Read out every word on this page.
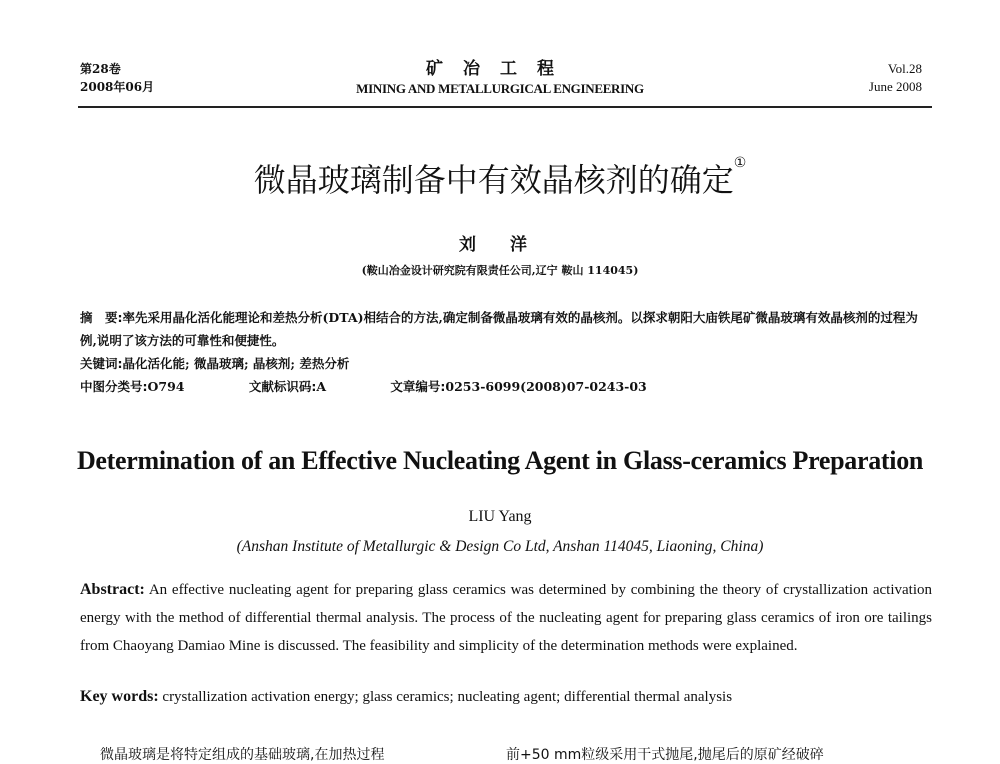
第28卷
2008年06月
矿冶工程
MINING AND METALLURGICAL ENGINEERING
Vol.28
June 2008
微晶玻璃制备中有效晶核剂的确定①
刘 洋
(鞍山冶金设计研究院有限责任公司,辽宁 鞍山 114045)
摘　要:率先采用晶化活化能理论和差热分析(DTA)相结合的方法,确定制备微晶玻璃有效的晶核剂。以探求朝阳大庙铁尾矿微晶玻璃有效晶核剂的过程为例,说明了该方法的可靠性和便捷性。
关键词:晶化活化能; 微晶玻璃; 晶核剂; 差热分析
中图分类号:O794	文献标识码:A	文章编号:0253-6099(2008)07-0243-03
Determination of an Effective Nucleating Agent in Glass-ceramics Preparation
LIU Yang
(Anshan Institute of Metallurgic & Design Co Ltd, Anshan 114045, Liaoning, China)
Abstract: An effective nucleating agent for preparing glass ceramics was determined by combining the theory of crystallization activation energy with the method of differential thermal analysis. The process of the nucleating agent for preparing glass ceramics of iron ore tailings from Chaoyang Damiao Mine is discussed. The feasibility and simplicity of the determination methods were explained.
Key words: crystallization activation energy; glass ceramics; nucleating agent; differential thermal analysis
微晶玻璃是将特定组成的基础玻璃,在加热过程	前+50 mm粒级采用干式抛尾,抛尾后的原矿经破碎
